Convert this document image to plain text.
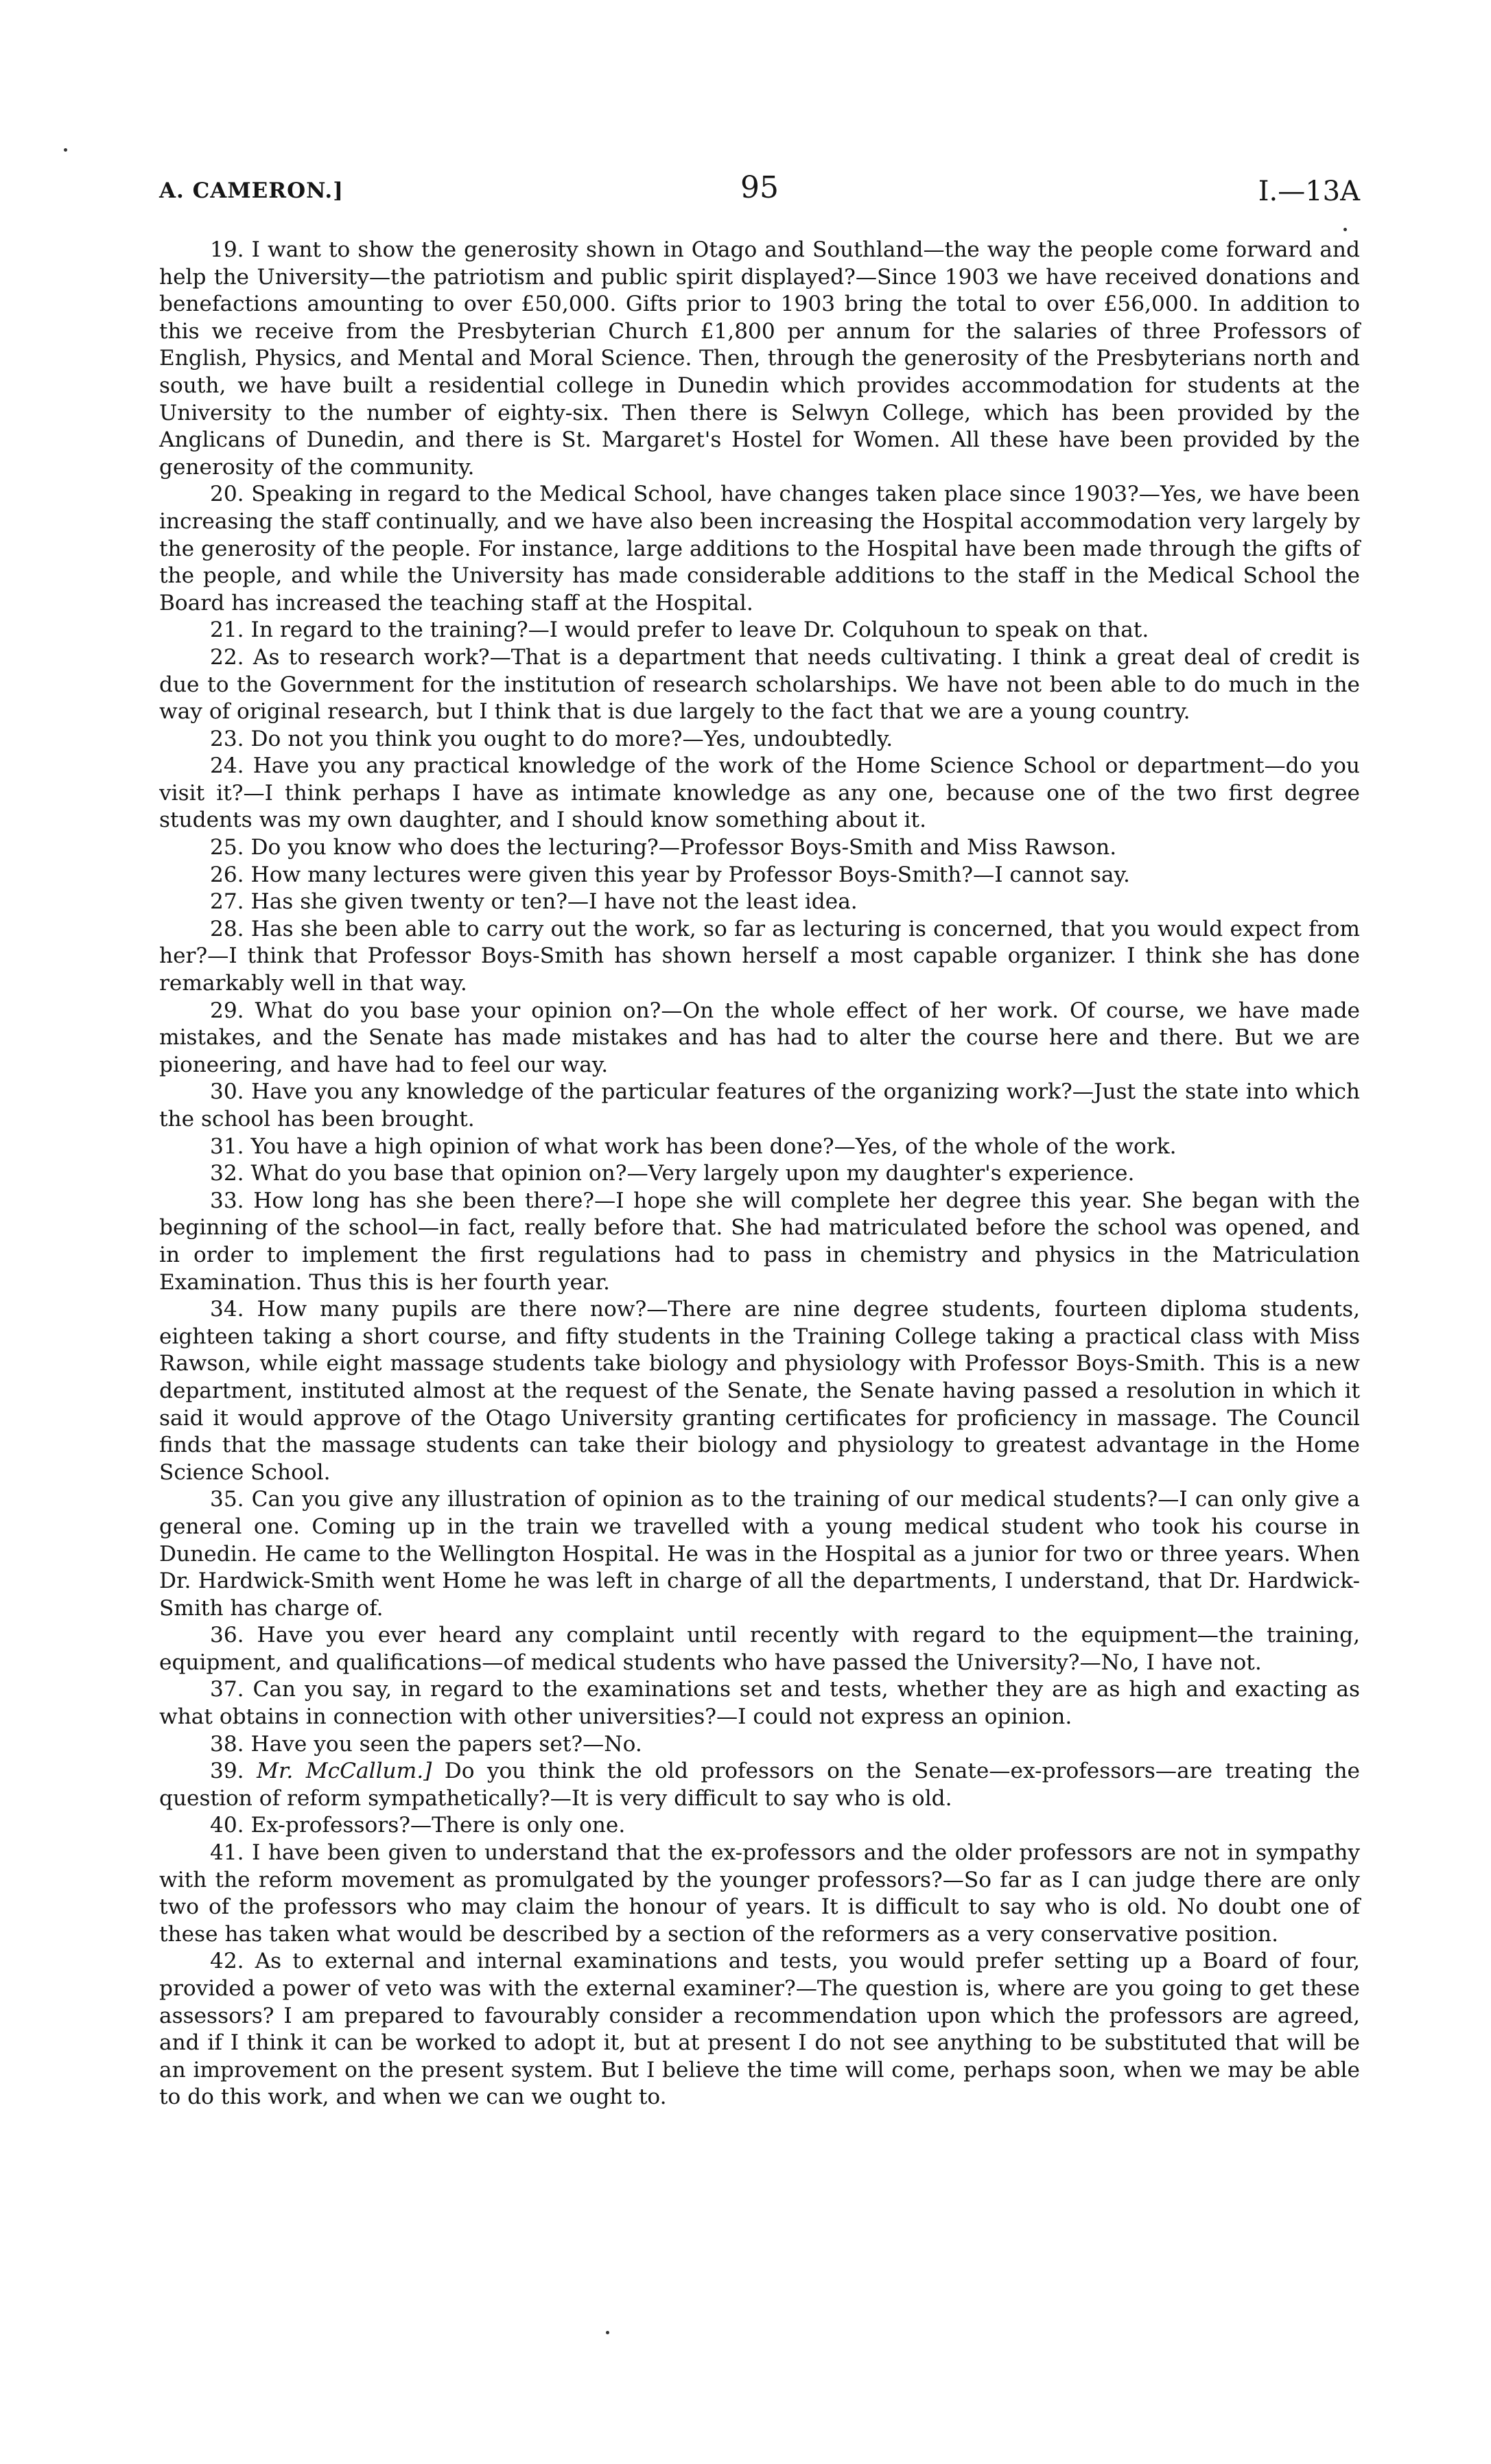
A. CAMERON.]	95	I.—13A

19. I want to show the generosity shown in Otago and Southland—the way the people come forward and help the University—the patriotism and public spirit displayed?—Since 1903 we have received donations and benefactions amounting to over £50,000. Gifts prior to 1903 bring the total to over £56,000. In addition to this we receive from the Presbyterian Church £1,800 per annum for the salaries of three Professors of English, Physics, and Mental and Moral Science. Then, through the generosity of the Presbyterians north and south, we have built a residential college in Dunedin which provides accommodation for students at the University to the number of eighty-six. Then there is Selwyn College, which has been provided by the Anglicans of Dunedin, and there is St. Margaret's Hostel for Women. All these have been provided by the generosity of the community.

20. Speaking in regard to the Medical School, have changes taken place since 1903?—Yes, we have been increasing the staff continually, and we have also been increasing the Hospital accommodation very largely by the generosity of the people. For instance, large additions to the Hospital have been made through the gifts of the people, and while the University has made considerable additions to the staff in the Medical School the Board has increased the teaching staff at the Hospital.

21. In regard to the training?—I would prefer to leave Dr. Colquhoun to speak on that.

22. As to research work?—That is a department that needs cultivating. I think a great deal of credit is due to the Government for the institution of research scholarships. We have not been able to do much in the way of original research, but I think that is due largely to the fact that we are a young country.

23. Do not you think you ought to do more?—Yes, undoubtedly.

24. Have you any practical knowledge of the work of the Home Science School or department—do you visit it?—I think perhaps I have as intimate knowledge as any one, because one of the two first degree students was my own daughter, and I should know something about it.

25. Do you know who does the lecturing?—Professor Boys-Smith and Miss Rawson.

26. How many lectures were given this year by Professor Boys-Smith?—I cannot say.

27. Has she given twenty or ten?—I have not the least idea.

28. Has she been able to carry out the work, so far as lecturing is concerned, that you would expect from her?—I think that Professor Boys-Smith has shown herself a most capable organizer. I think she has done remarkably well in that way.

29. What do you base your opinion on?—On the whole effect of her work. Of course, we have made mistakes, and the Senate has made mistakes and has had to alter the course here and there. But we are pioneering, and have had to feel our way.

30. Have you any knowledge of the particular features of the organizing work?—Just the state into which the school has been brought.

31. You have a high opinion of what work has been done?—Yes, of the whole of the work.

32. What do you base that opinion on?—Very largely upon my daughter's experience.

33. How long has she been there?—I hope she will complete her degree this year. She began with the beginning of the school—in fact, really before that. She had matriculated before the school was opened, and in order to implement the first regulations had to pass in chemistry and physics in the Matriculation Examination. Thus this is her fourth year.

34. How many pupils are there now?—There are nine degree students, fourteen diploma students, eighteen taking a short course, and fifty students in the Training College taking a practical class with Miss Rawson, while eight massage students take biology and physiology with Professor Boys-Smith. This is a new department, instituted almost at the request of the Senate, the Senate having passed a resolution in which it said it would approve of the Otago University granting certificates for proficiency in massage. The Council finds that the massage students can take their biology and physiology to greatest advantage in the Home Science School.

35. Can you give any illustration of opinion as to the training of our medical students?—I can only give a general one. Coming up in the train we travelled with a young medical student who took his course in Dunedin. He came to the Wellington Hospital. He was in the Hospital as a junior for two or three years. When Dr. Hardwick-Smith went Home he was left in charge of all the departments, I understand, that Dr. Hardwick-Smith has charge of.

36. Have you ever heard any complaint until recently with regard to the equipment—the training, equipment, and qualifications—of medical students who have passed the University?—No, I have not.

37. Can you say, in regard to the examinations set and tests, whether they are as high and exacting as what obtains in connection with other universities?—I could not express an opinion.

38. Have you seen the papers set?—No.

39. Mr. McCallum.] Do you think the old professors on the Senate—ex-professors—are treating the question of reform sympathetically?—It is very difficult to say who is old.

40. Ex-professors?—There is only one.

41. I have been given to understand that the ex-professors and the older professors are not in sympathy with the reform movement as promulgated by the younger professors?—So far as I can judge there are only two of the professors who may claim the honour of years. It is difficult to say who is old. No doubt one of these has taken what would be described by a section of the reformers as a very conservative position.

42. As to external and internal examinations and tests, you would prefer setting up a Board of four, provided a power of veto was with the external examiner?—The question is, where are you going to get these assessors? I am prepared to favourably consider a recommendation upon which the professors are agreed, and if I think it can be worked to adopt it, but at present I do not see anything to be substituted that will be an improvement on the present system. But I believe the time will come, perhaps soon, when we may be able to do this work, and when we can we ought to.
